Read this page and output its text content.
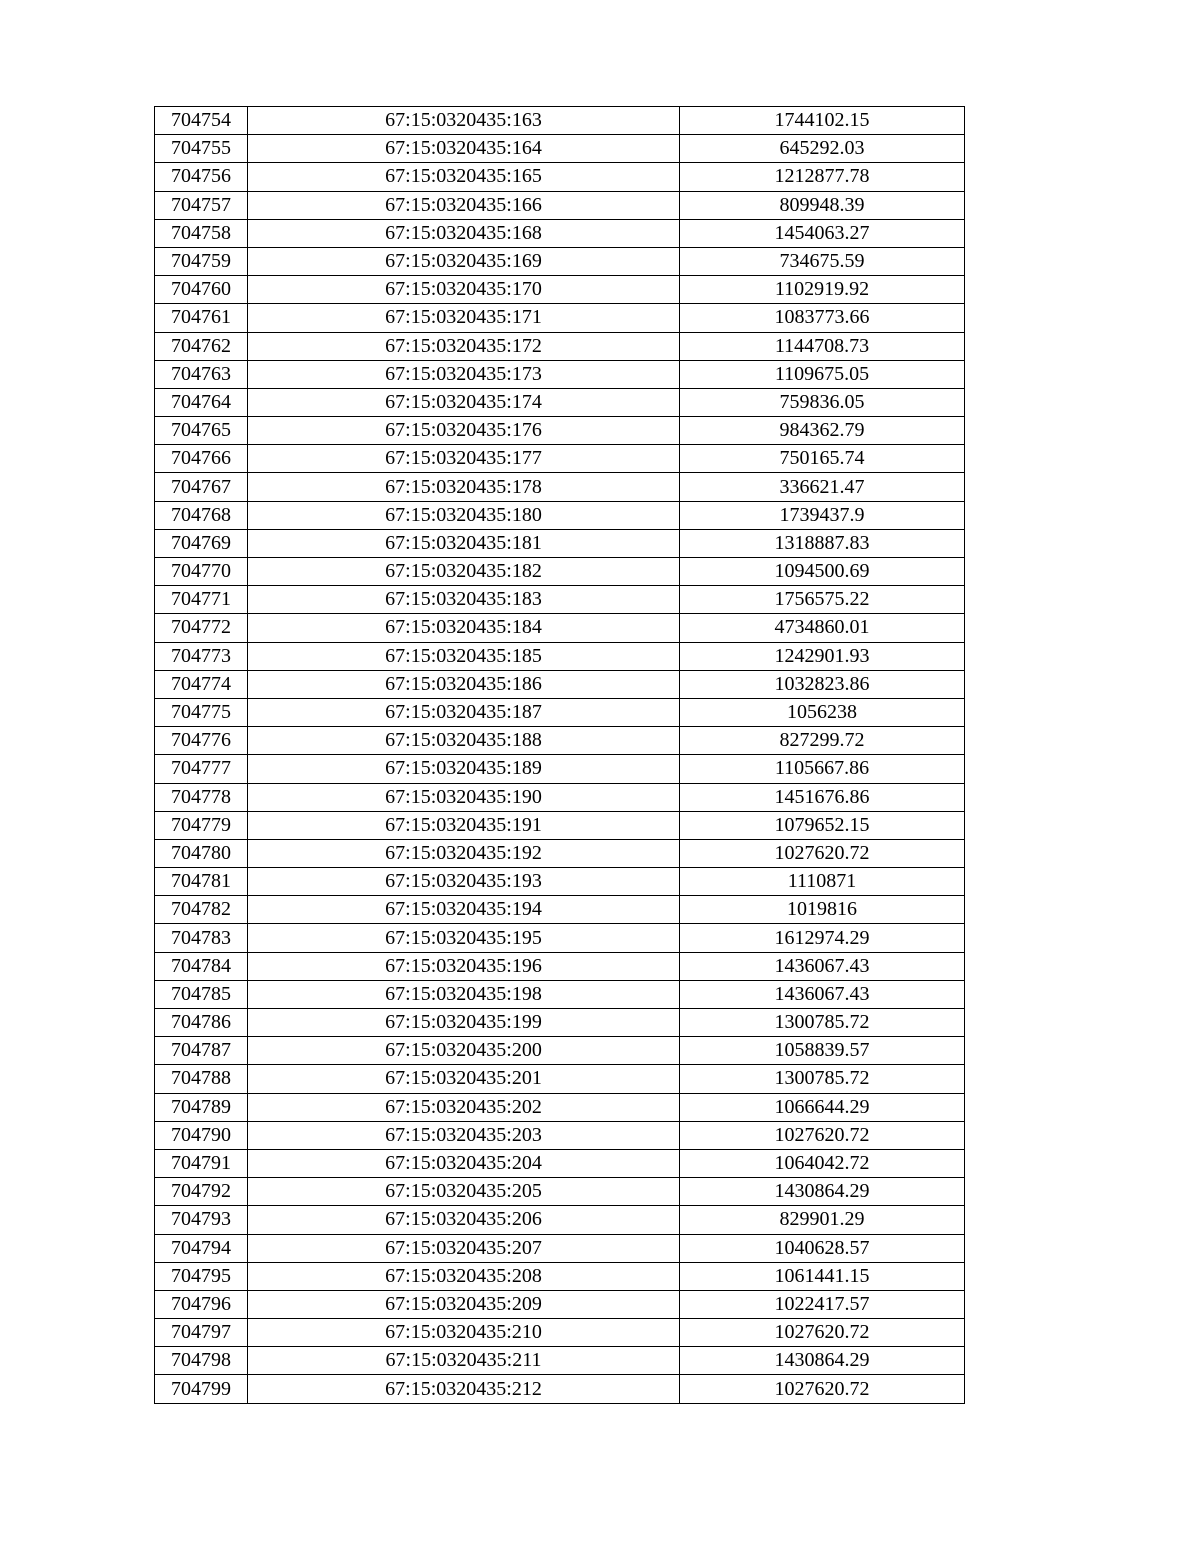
704754	67:15:0320435:163	1744102.15
704755	67:15:0320435:164	645292.03
704756	67:15:0320435:165	1212877.78
704757	67:15:0320435:166	809948.39
704758	67:15:0320435:168	1454063.27
704759	67:15:0320435:169	734675.59
704760	67:15:0320435:170	1102919.92
704761	67:15:0320435:171	1083773.66
704762	67:15:0320435:172	1144708.73
704763	67:15:0320435:173	1109675.05
704764	67:15:0320435:174	759836.05
704765	67:15:0320435:176	984362.79
704766	67:15:0320435:177	750165.74
704767	67:15:0320435:178	336621.47
704768	67:15:0320435:180	1739437.9
704769	67:15:0320435:181	1318887.83
704770	67:15:0320435:182	1094500.69
704771	67:15:0320435:183	1756575.22
704772	67:15:0320435:184	4734860.01
704773	67:15:0320435:185	1242901.93
704774	67:15:0320435:186	1032823.86
704775	67:15:0320435:187	1056238
704776	67:15:0320435:188	827299.72
704777	67:15:0320435:189	1105667.86
704778	67:15:0320435:190	1451676.86
704779	67:15:0320435:191	1079652.15
704780	67:15:0320435:192	1027620.72
704781	67:15:0320435:193	1110871
704782	67:15:0320435:194	1019816
704783	67:15:0320435:195	1612974.29
704784	67:15:0320435:196	1436067.43
704785	67:15:0320435:198	1436067.43
704786	67:15:0320435:199	1300785.72
704787	67:15:0320435:200	1058839.57
704788	67:15:0320435:201	1300785.72
704789	67:15:0320435:202	1066644.29
704790	67:15:0320435:203	1027620.72
704791	67:15:0320435:204	1064042.72
704792	67:15:0320435:205	1430864.29
704793	67:15:0320435:206	829901.29
704794	67:15:0320435:207	1040628.57
704795	67:15:0320435:208	1061441.15
704796	67:15:0320435:209	1022417.57
704797	67:15:0320435:210	1027620.72
704798	67:15:0320435:211	1430864.29
704799	67:15:0320435:212	1027620.72
